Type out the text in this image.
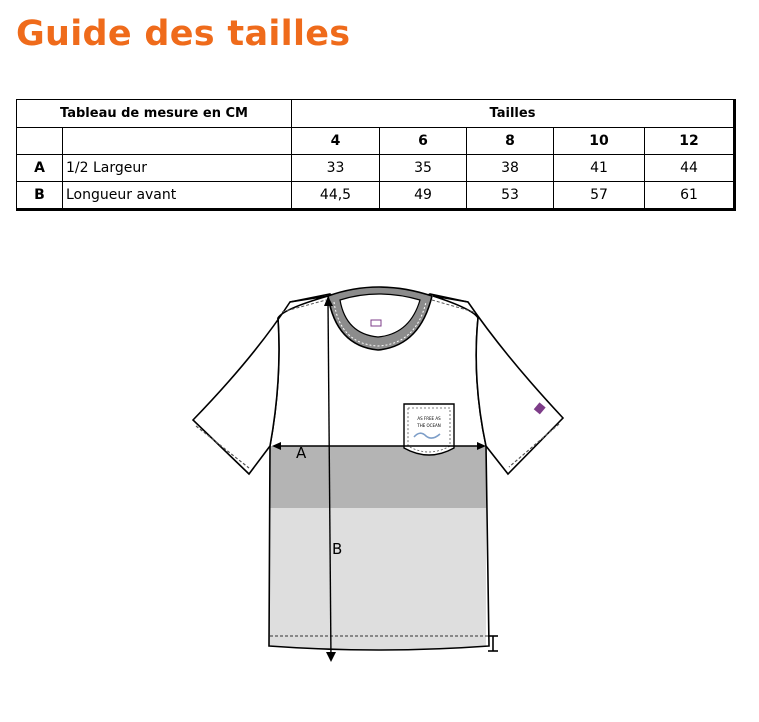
Guide des tailles
Tableau de mesure en CM		Tailles				
		4	6	8	10	12
A	1/2 Largeur	33	35	38	41	44
B	Longueur avant	44,5	49	53	57	61
AS FREE AS
THE OCEAN
A
B
